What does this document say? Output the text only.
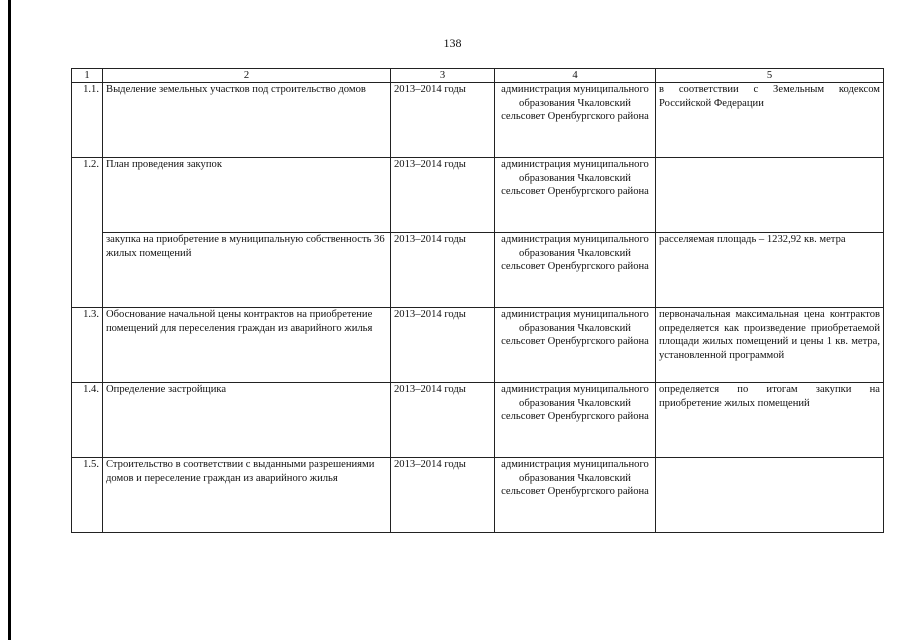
138
1	2	3	4	5
1.1.	Выделение земельных участков под строительство домов	2013–2014 годы	администрация муниципального образования Чкаловский сельсовет Оренбургского района	в соответствии с Земельным кодексом Российской Федерации
1.2.	План проведения закупок	2013–2014 годы	администрация муниципального образования Чкаловский сельсовет Оренбургского района	
	закупка на приобретение в муниципальную собственность 36 жилых помещений	2013–2014 годы	администрация муниципального образования Чкаловский сельсовет Оренбургского района	расселяемая площадь – 1232,92 кв. метра
1.3.	Обоснование начальной цены контрактов на приобретение помещений для переселения граждан из аварийного жилья	2013–2014 годы	администрация муниципального образования Чкаловский сельсовет Оренбургского района	первоначальная максимальная цена контрактов определяется как произведение приобретаемой площади жилых помещений и цены 1 кв. метра, установленной программой
1.4.	Определение застройщика	2013–2014 годы	администрация муниципального образования Чкаловский сельсовет Оренбургского района	определяется по итогам закупки на приобретение жилых помещений
1.5.	Строительство в соответствии с выданными разрешениями домов и переселение граждан из аварийного жилья	2013–2014 годы	администрация муниципального образования Чкаловский сельсовет Оренбургского района	
